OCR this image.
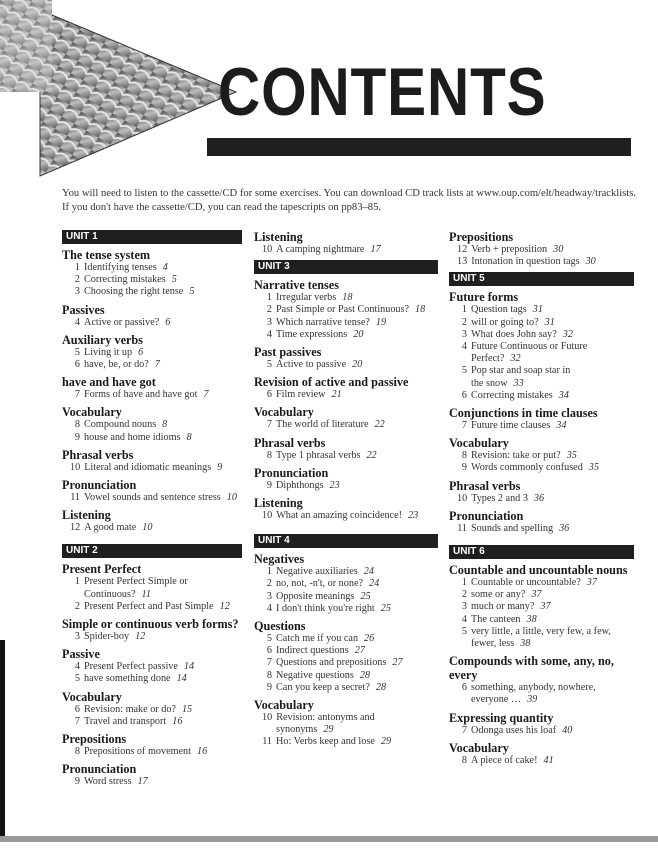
CONTENTS
You will need to listen to the cassette/CD for some exercises. You can download CD track lists at www.oup.com/elt/headway/tracklists.
If you don't have the cassette/CD, you can read the tapescripts on pp83–85.
UNIT 1
The tense system
1 Identifying tenses 4
2 Correcting mistakes 5
3 Choosing the right tense 5
Passives
4 Active or passive? 6
Auxiliary verbs
5 Living it up 6
6 have, be, or do? 7
have and have got
7 Forms of have and have got 7
Vocabulary
8 Compound nouns 8
9 house and home idioms 8
Phrasal verbs
10 Literal and idiomatic meanings 9
Pronunciation
11 Vowel sounds and sentence stress 10
Listening
12 A good mate 10
UNIT 2
Present Perfect
1 Present Perfect Simple or
Continuous? 11
2 Present Perfect and Past Simple 12
Simple or continuous verb forms?
3 Spider-boy 12
Passive
4 Present Perfect passive 14
5 have something done 14
Vocabulary
6 Revision: make or do? 15
7 Travel and transport 16
Prepositions
8 Prepositions of movement 16
Pronunciation
9 Word stress 17
Listening
10 A camping nightmare 17
UNIT 3
Narrative tenses
1 Irregular verbs 18
2 Past Simple or Past Continuous? 18
3 Which narrative tense? 19
4 Time expressions 20
Past passives
5 Active to passive 20
Revision of active and passive
6 Film review 21
Vocabulary
7 The world of literature 22
Phrasal verbs
8 Type 1 phrasal verbs 22
Pronunciation
9 Diphthongs 23
Listening
10 What an amazing coincidence! 23
UNIT 4
Negatives
1 Negative auxiliaries 24
2 no, not, -n't, or none? 24
3 Opposite meanings 25
4 I don't think you're right 25
Questions
5 Catch me if you can 26
6 Indirect questions 27
7 Questions and prepositions 27
8 Negative questions 28
9 Can you keep a secret? 28
Vocabulary
10 Revision: antonyms and
synonyms 29
11 Ho: Verbs keep and lose 29
Prepositions
12 Verb + preposition 30
13 Intonation in question tags 30
UNIT 5
Future forms
1 Question tags 31
2 will or going to? 31
3 What does John say? 32
4 Future Continuous or Future
Perfect? 32
5 Pop star and soap star in
the snow 33
6 Correcting mistakes 34
Conjunctions in time clauses
7 Future time clauses 34
Vocabulary
8 Revision: take or put? 35
9 Words commonly confused 35
Phrasal verbs
10 Types 2 and 3 36
Pronunciation
11 Sounds and spelling 36
UNIT 6
Countable and uncountable nouns
1 Countable or uncountable? 37
2 some or any? 37
3 much or many? 37
4 The canteen 38
5 very little, a little, very few, a few,
fewer, less 38
Compounds with some, any, no, every
6 something, anybody, nowhere,
everyone … 39
Expressing quantity
7 Odonga uses his loaf 40
Vocabulary
8 A piece of cake! 41
